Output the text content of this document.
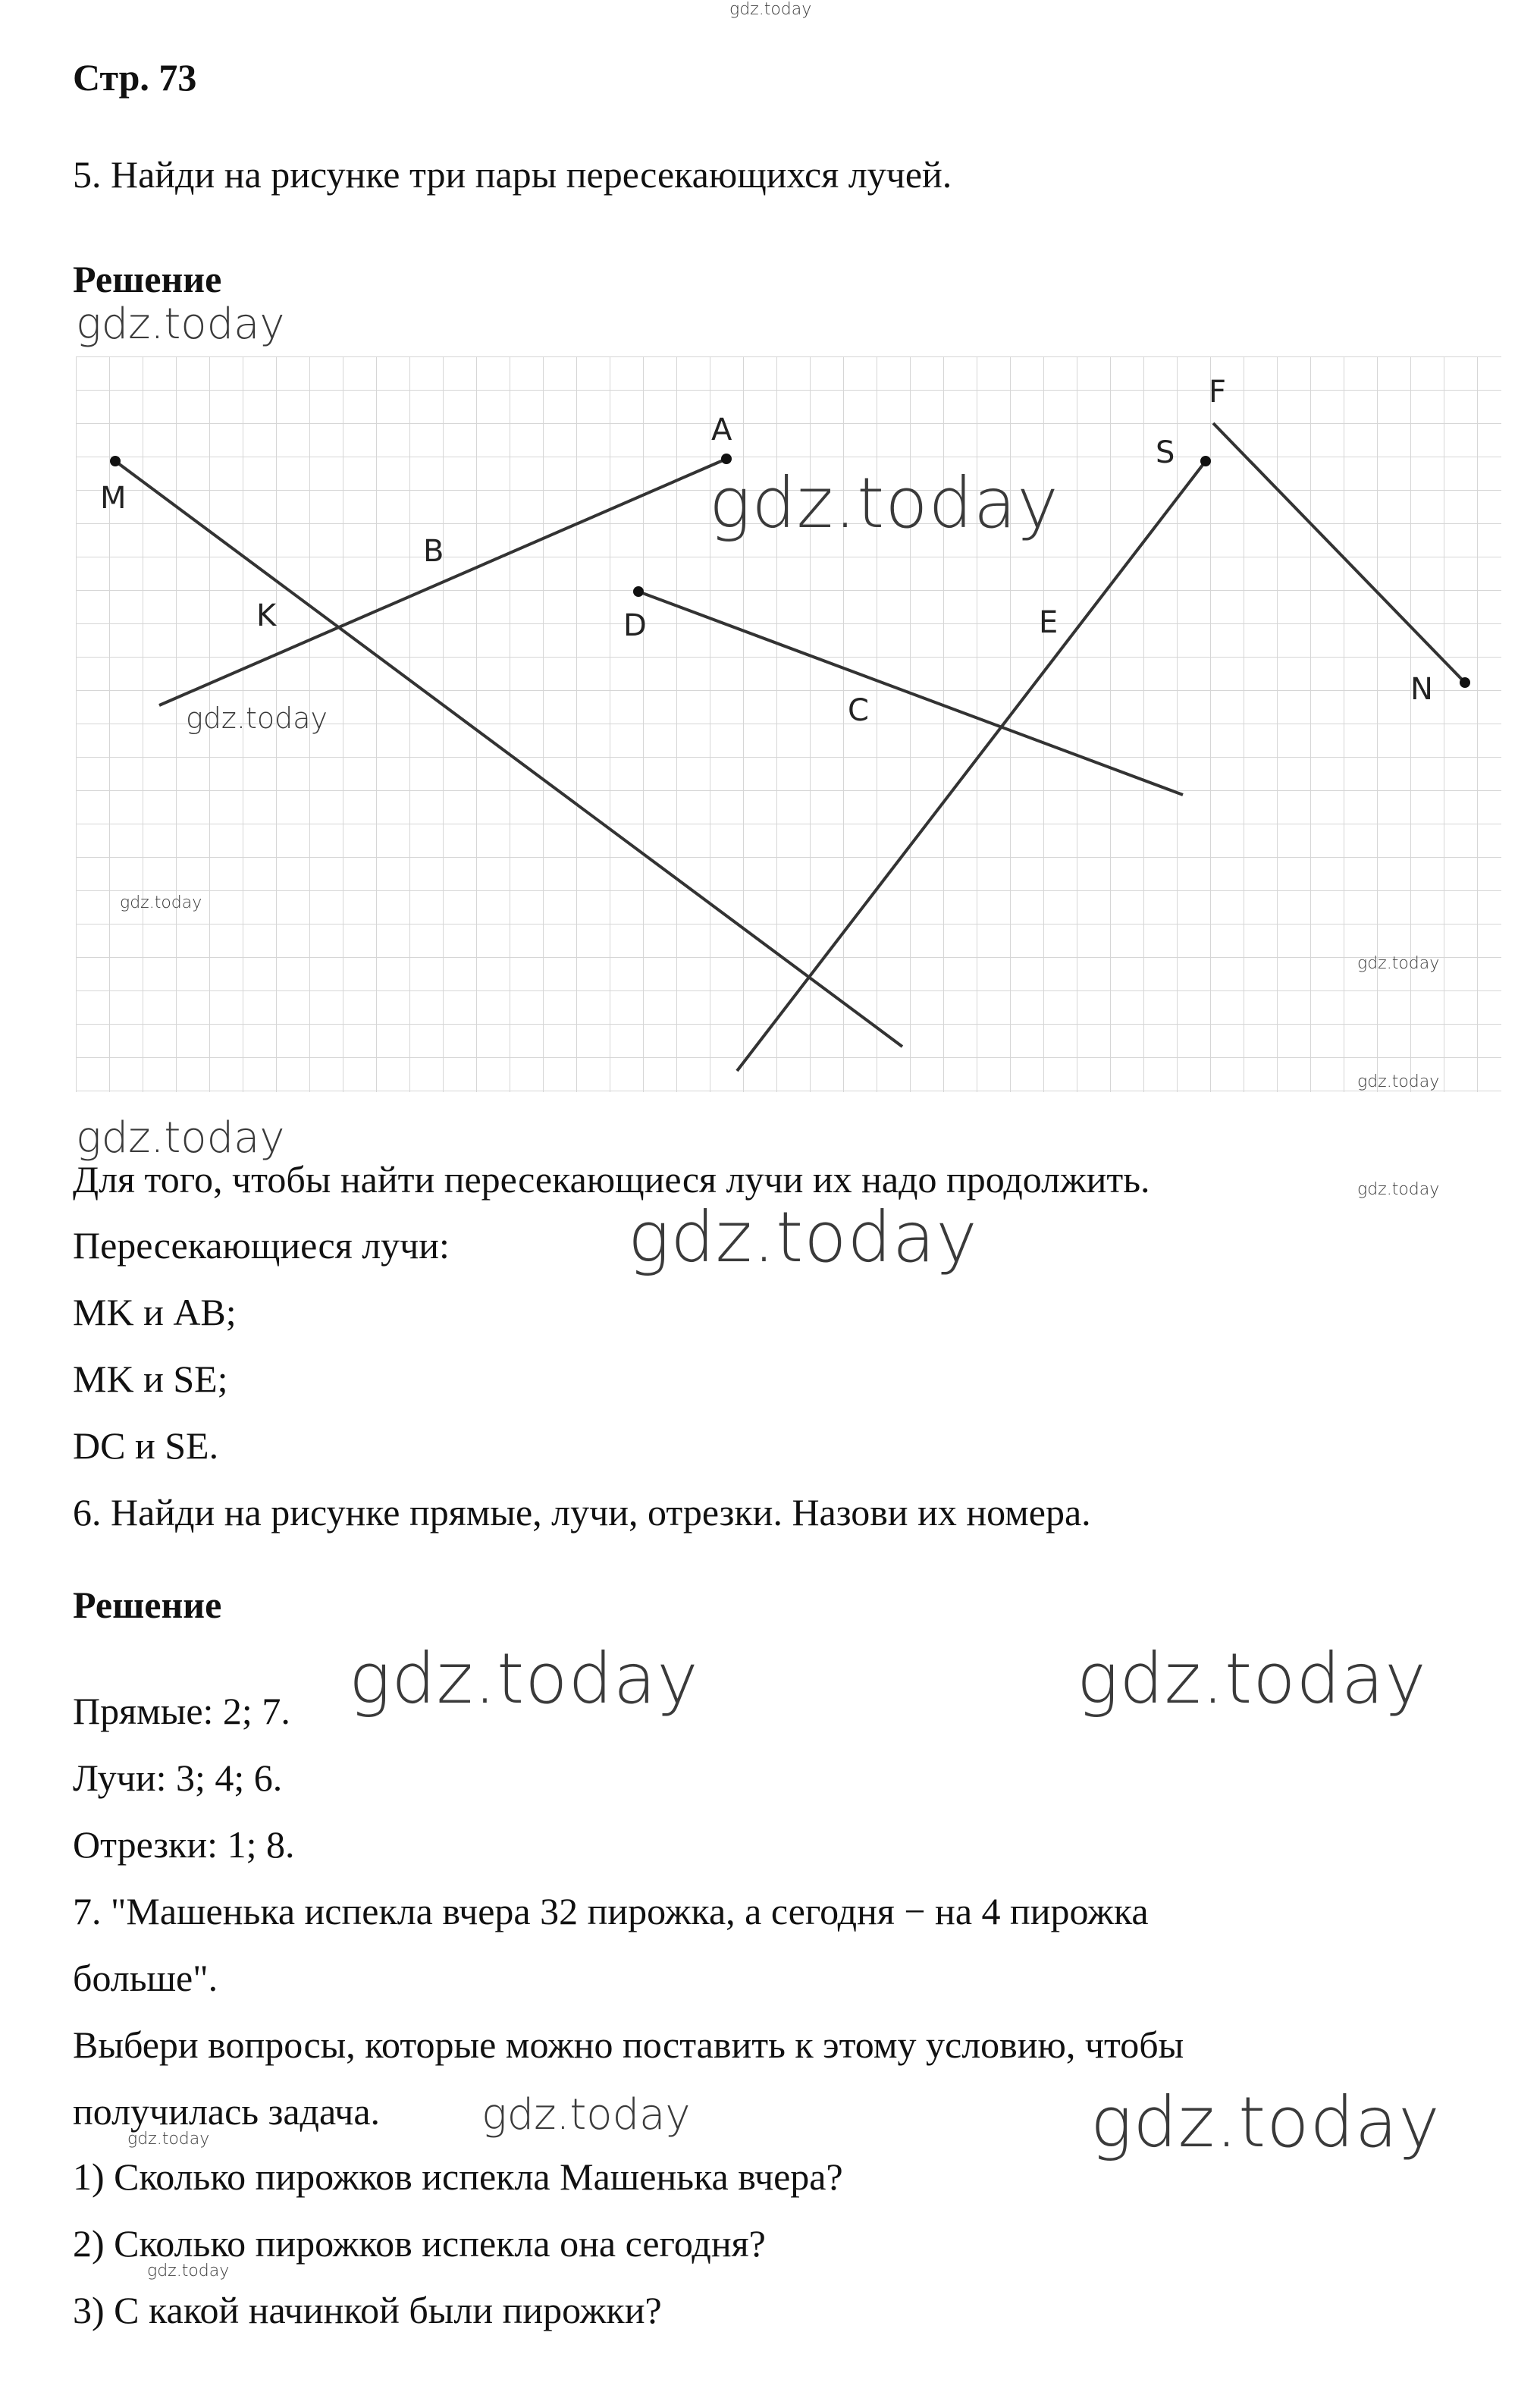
gdz.today
Стр. 73
5. Найди на рисунке три пары пересекающихся лучей.
Решение
gdz.today
M
K
B
A
D
C
E
S
F
N
gdz.today
gdz.today
gdz.today
gdz.today
gdz.today
gdz.today
Для того, чтобы найти пересекающиеся лучи их надо продолжить.	gdz.today
Пересекающиеся лучи:	gdz.today
MK и AB;
MK и SE;
DC и SE.
6. Найди на рисунке прямые, лучи, отрезки. Назови их номера.
Решение
gdz.today	gdz.today
Прямые: 2; 7.
Лучи: 3; 4; 6.
Отрезки: 1; 8.
7. "Машенька испекла вчера 32 пирожка, а сегодня − на 4 пирожка
больше".
Выбери вопросы, которые можно поставить к этому условию, чтобы
получилась задача. gdz.today	gdz.today
gdz.today
1) Сколько пирожков испекла Машенька вчера?
2) Сколько пирожков испекла она сегодня?
gdz.today
3) С какой начинкой были пирожки?
